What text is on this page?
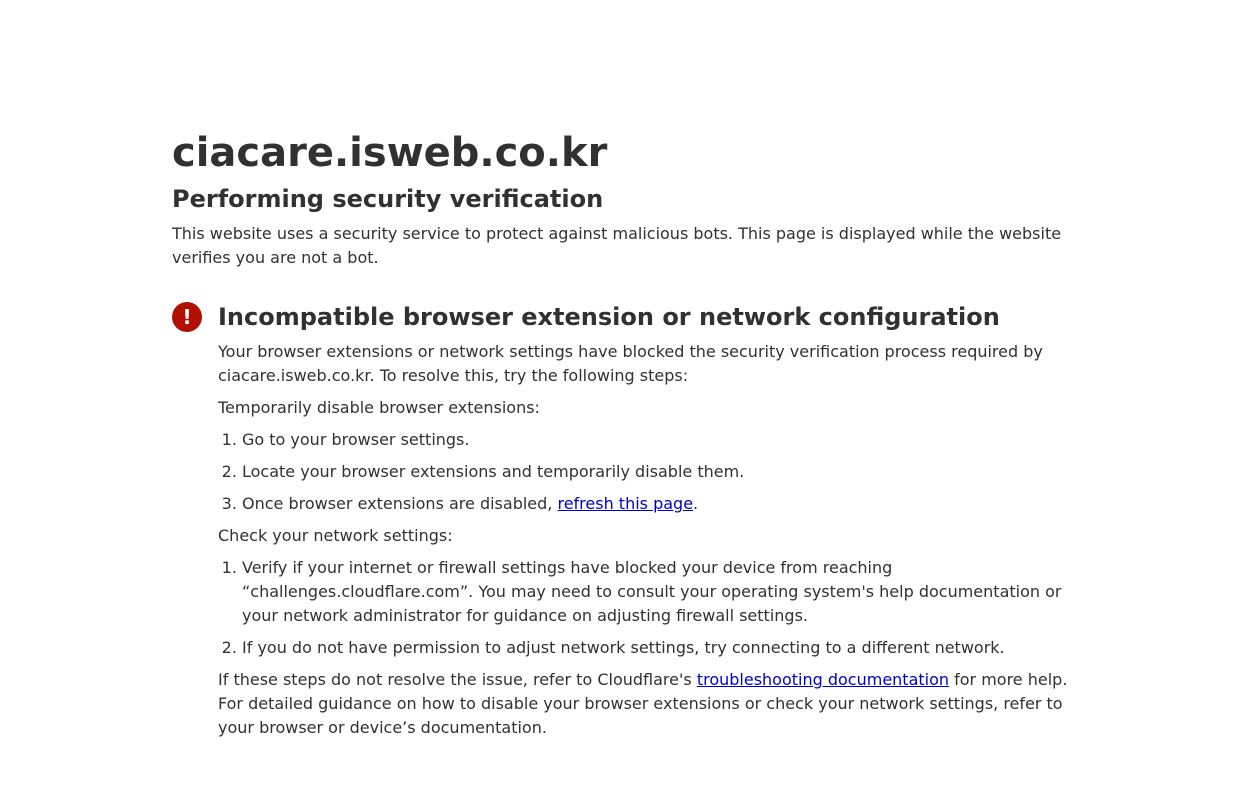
ciacare.isweb.co.kr
Performing security verification

This website uses a security service to protect against malicious bots. This page is displayed while the website verifies you are not a bot.

!	Incompatible browser extension or network configuration

Your browser extensions or network settings have blocked the security verification process required by ciacare.isweb.co.kr. To resolve this, try the following steps:

Temporarily disable browser extensions:

1. Go to your browser settings.
2. Locate your browser extensions and temporarily disable them.
3. Once browser extensions are disabled, refresh this page.

Check your network settings:

1. Verify if your internet or firewall settings have blocked your device from reaching “challenges.cloudflare.com”. You may need to consult your operating system's help documentation or your network administrator for guidance on adjusting firewall settings.
2. If you do not have permission to adjust network settings, try connecting to a different network.

If these steps do not resolve the issue, refer to Cloudflare's troubleshooting documentation for more help. For detailed guidance on how to disable your browser extensions or check your network settings, refer to your browser or device’s documentation.
